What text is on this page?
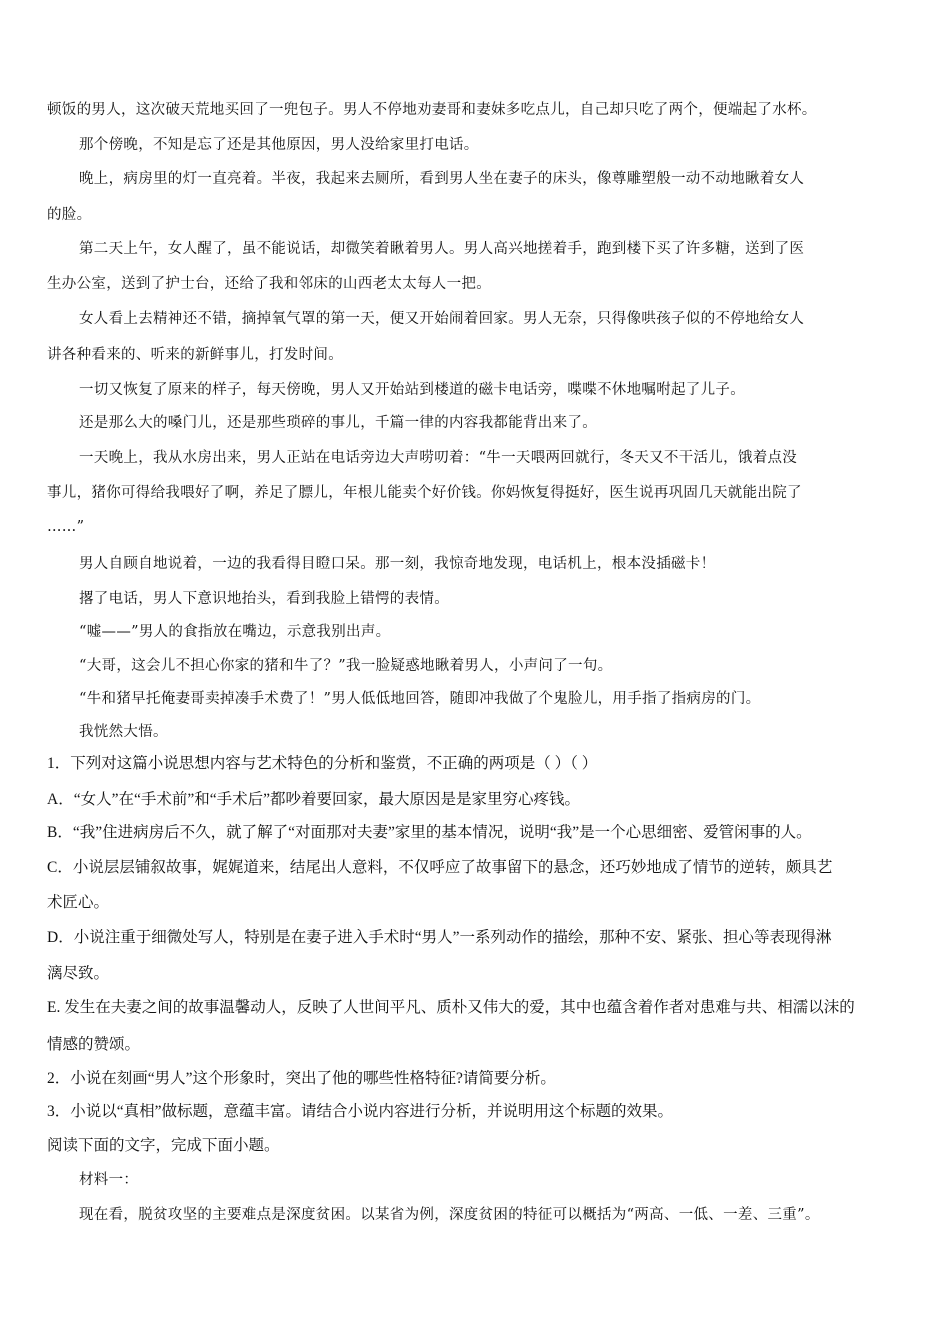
顿饭的男人，这次破天荒地买回了一兜包子。男人不停地劝妻哥和妻妹多吃点儿，自己却只吃了两个，便端起了水杯。

那个傍晚，不知是忘了还是其他原因，男人没给家里打电话。

晚上，病房里的灯一直亮着。半夜，我起来去厕所，看到男人坐在妻子的床头，像尊雕塑般一动不动地瞅着女人

的脸。

第二天上午，女人醒了，虽不能说话，却微笑着瞅着男人。男人高兴地搓着手，跑到楼下买了许多糖，送到了医

生办公室，送到了护士台，还给了我和邻床的山西老太太每人一把。

女人看上去精神还不错，摘掉氧气罩的第一天，便又开始闹着回家。男人无奈，只得像哄孩子似的不停地给女人

讲各种看来的、听来的新鲜事儿，打发时间。

一切又恢复了原来的样子，每天傍晚，男人又开始站到楼道的磁卡电话旁，喋喋不休地嘱咐起了儿子。

还是那么大的嗓门儿，还是那些琐碎的事儿，千篇一律的内容我都能背出来了。

一天晚上，我从水房出来，男人正站在电话旁边大声唠叨着：“牛一天喂两回就行，冬天又不干活儿，饿着点没

事儿，猪你可得给我喂好了啊，养足了膘儿，年根儿能卖个好价钱。你妈恢复得挺好，医生说再巩固几天就能出院了

……”

男人自顾自地说着，一边的我看得目瞪口呆。那一刻，我惊奇地发现，电话机上，根本没插磁卡！

撂了电话，男人下意识地抬头，看到我脸上错愕的表情。

“嘘——”男人的食指放在嘴边，示意我别出声。

“大哥，这会儿不担心你家的猪和牛了？”我一脸疑惑地瞅着男人，小声问了一句。

“牛和猪早托俺妻哥卖掉凑手术费了！”男人低低地回答，随即冲我做了个鬼脸儿，用手指了指病房的门。

我恍然大悟。

1．下列对这篇小说思想内容与艺术特色的分析和鉴赏，不正确的两项是（ ）（ ）

A．“女人”在“手术前”和“手术后”都吵着要回家，最大原因是是家里穷心疼钱。

B．“我”住进病房后不久，就了解了“对面那对夫妻”家里的基本情况，说明“我”是一个心思细密、爱管闲事的人。

C．小说层层铺叙故事，娓娓道来，结尾出人意料，不仅呼应了故事留下的悬念，还巧妙地成了情节的逆转，颇具艺

术匠心。

D．小说注重于细微处写人，特别是在妻子进入手术时“男人”一系列动作的描绘，那种不安、紧张、担心等表现得淋

漓尽致。

E. 发生在夫妻之间的故事温馨动人，反映了人世间平凡、质朴又伟大的爱，其中也蕴含着作者对患难与共、相濡以沫的

情感的赞颂。

2．小说在刻画“男人”这个形象时，突出了他的哪些性格特征?请简要分析。

3．小说以“真相”做标题，意蕴丰富。请结合小说内容进行分析，并说明用这个标题的效果。

阅读下面的文字，完成下面小题。

材料一：

现在看，脱贫攻坚的主要难点是深度贫困。以某省为例，深度贫困的特征可以概括为“两高、一低、一差、三重”。
